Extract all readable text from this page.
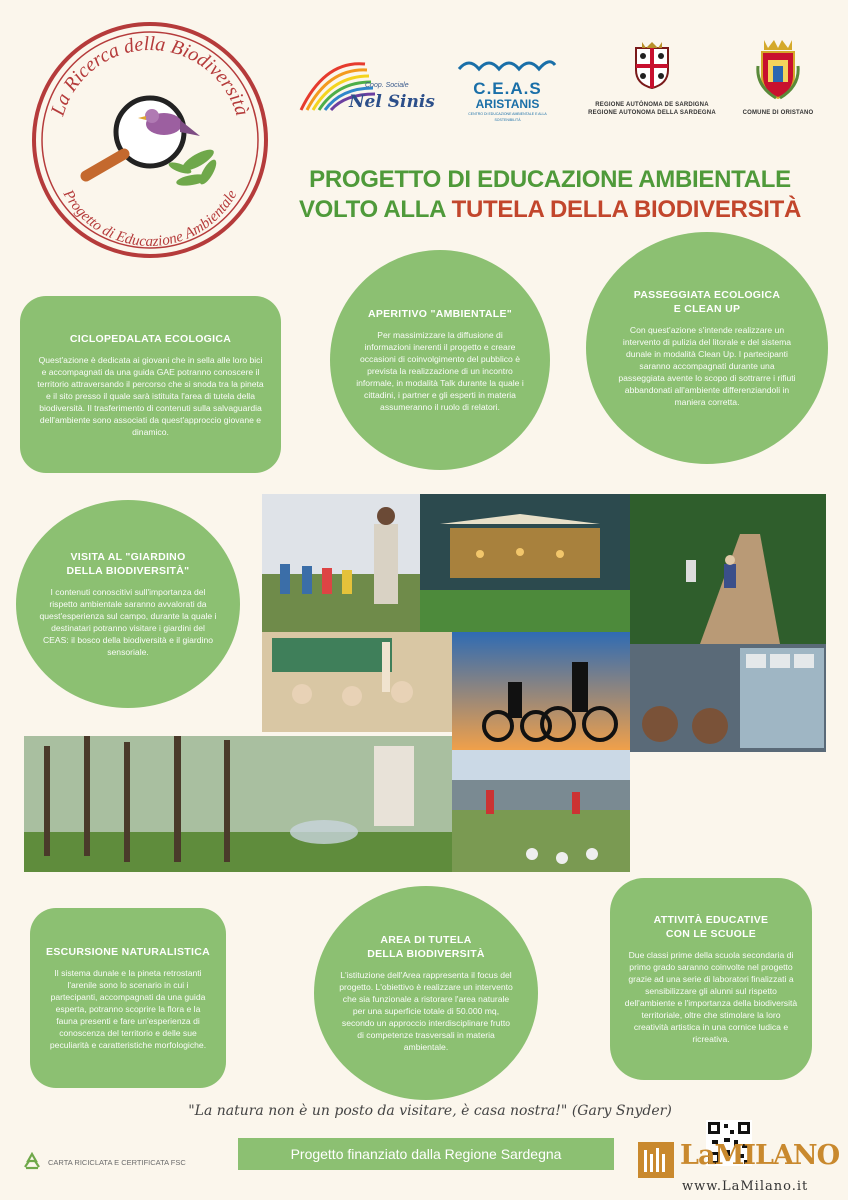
La Ricerca della Biodiversità
Progetto di Educazione Ambientale
Coop. Sociale
Nel Sinis
C.E.A.S
ARISTANIS
CENTRO DI EDUCAZIONE AMBIENTALE E ALLA SOSTENIBILITÀ
REGIONE AUTÒNOMA DE SARDIGNA
REGIONE AUTONOMA DELLA SARDEGNA	COMUNE DI ORISTANO
PROGETTO DI EDUCAZIONE AMBIENTALE
VOLTO ALLA TUTELA DELLA BIODIVERSITÀ
CICLOPEDALATA ECOLOGICA

Quest'azione è dedicata ai giovani che in sella alle loro bici e accompagnati da una guida GAE potranno conoscere il territorio attraversando il percorso che si snoda tra la pineta e il sito presso il quale sarà istituita l'area di tutela della biodiversità. Il trasferimento di contenuti sulla salvaguardia dell'ambiente sono associati da quest'approccio giovane e dinamico.

APERITIVO "AMBIENTALE"

Per massimizzare la diffusione di informazioni inerenti il progetto e creare occasioni di coinvolgimento del pubblico è prevista la realizzazione di un incontro informale, in modalità Talk durante la quale i cittadini, i partner e gli esperti in materia assumeranno il ruolo di relatori.

PASSEGGIATA ECOLOGICA
E CLEAN UP

Con quest'azione s'intende realizzare un intervento di pulizia del litorale e del sistema dunale in modalità Clean Up. I partecipanti saranno accompagnati durante una passeggiata avente lo scopo di sottrarre i rifiuti abbandonati all'ambiente differenziandoli in maniera corretta.

VISITA AL "GIARDINO
DELLA BIODIVERSITÀ"

I contenuti conoscitivi sull'importanza del rispetto ambientale saranno avvalorati da quest'esperienza sul campo, durante la quale i destinatari potranno visitare i giardini del CEAS: il bosco della biodiversità e il giardino sensoriale.

ESCURSIONE NATURALISTICA

Il sistema dunale e la pineta retrostanti l'arenile sono lo scenario in cui i partecipanti, accompagnati da una guida esperta, potranno scoprire la flora e la fauna presenti e fare un'esperienza di conoscenza del territorio e delle sue peculiarità e caratteristiche morfologiche.

AREA DI TUTELA
DELLA BIODIVERSITÀ

L'istituzione dell'Area rappresenta il focus del progetto. L'obiettivo è realizzare un intervento che sia funzionale a ristorare l'area naturale per una superficie totale di 50.000 mq, secondo un approccio interdisciplinare frutto di competenze trasversali in materia ambientale.

ATTIVITÀ EDUCATIVE
CON LE SCUOLE

Due classi prime della scuola secondaria di primo grado saranno coinvolte nel progetto grazie ad una serie di laboratori finalizzati a sensibilizzare gli alunni sul rispetto dell'ambiente e l'importanza della biodiversità territoriale, oltre che stimolare la loro creatività artistica in una cornice ludica e ricreativa.

"La natura non è un posto da visitare, è casa nostra!" (Gary Snyder)
CARTA RICICLATA E CERTIFICATA FSC	Progetto finanziato dalla Regione Sardegna	LaMILANO
www.LaMilano.it
